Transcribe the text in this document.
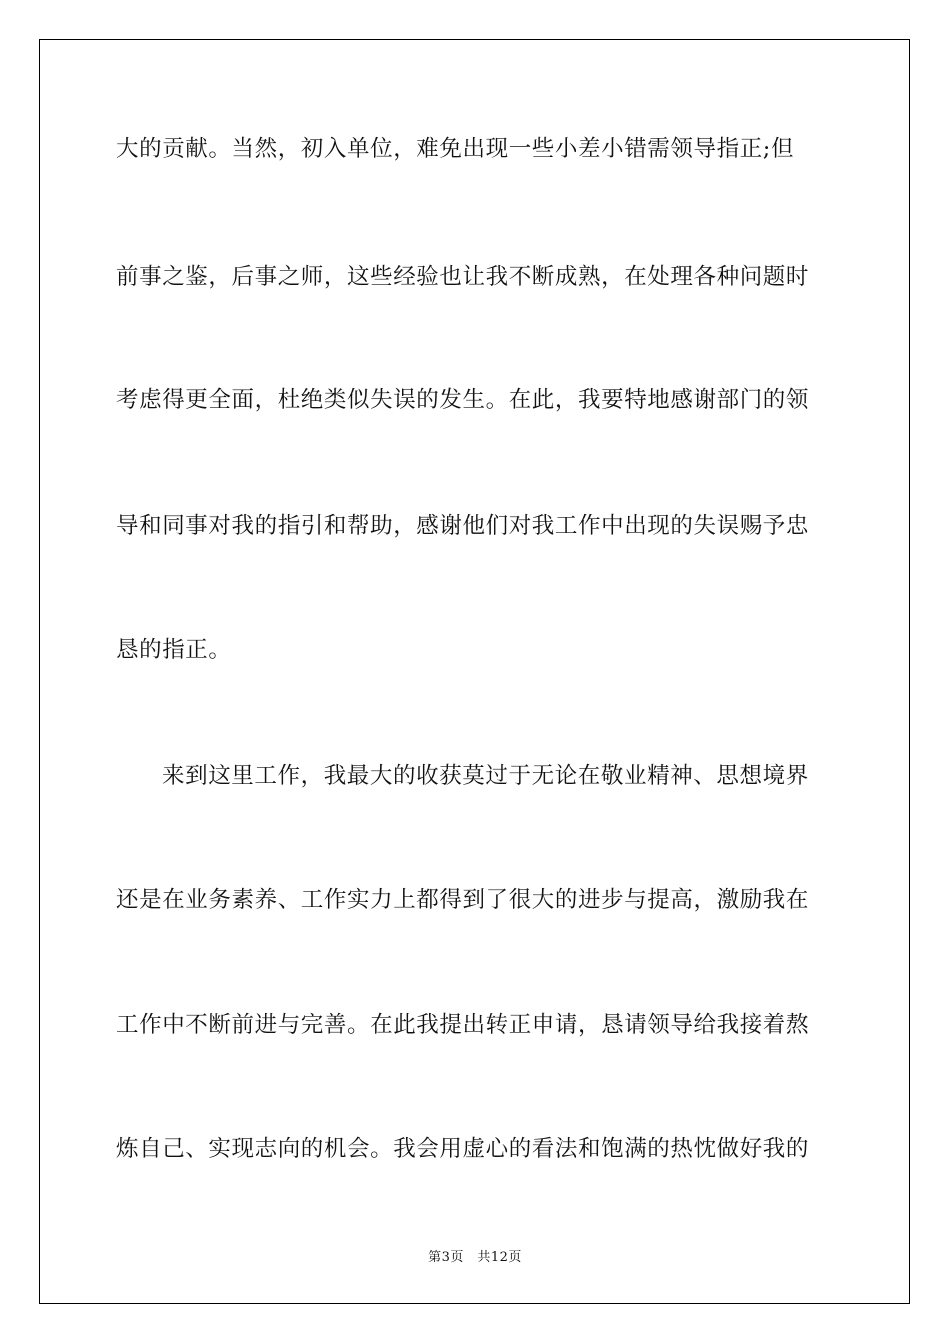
大的贡献。当然，初入单位，难免出现一些小差小错需领导指正;但
前事之鉴，后事之师，这些经验也让我不断成熟，在处理各种问题时
考虑得更全面，杜绝类似失误的发生。在此，我要特地感谢部门的领
导和同事对我的指引和帮助，感谢他们对我工作中出现的失误赐予忠
恳的指正。
来到这里工作，我最大的收获莫过于无论在敬业精神、思想境界
还是在业务素养、工作实力上都得到了很大的进步与提高，激励我在
工作中不断前进与完善。在此我提出转正申请，恳请领导给我接着熬
炼自己、实现志向的机会。我会用虚心的看法和饱满的热忱做好我的
第3页　共12页
